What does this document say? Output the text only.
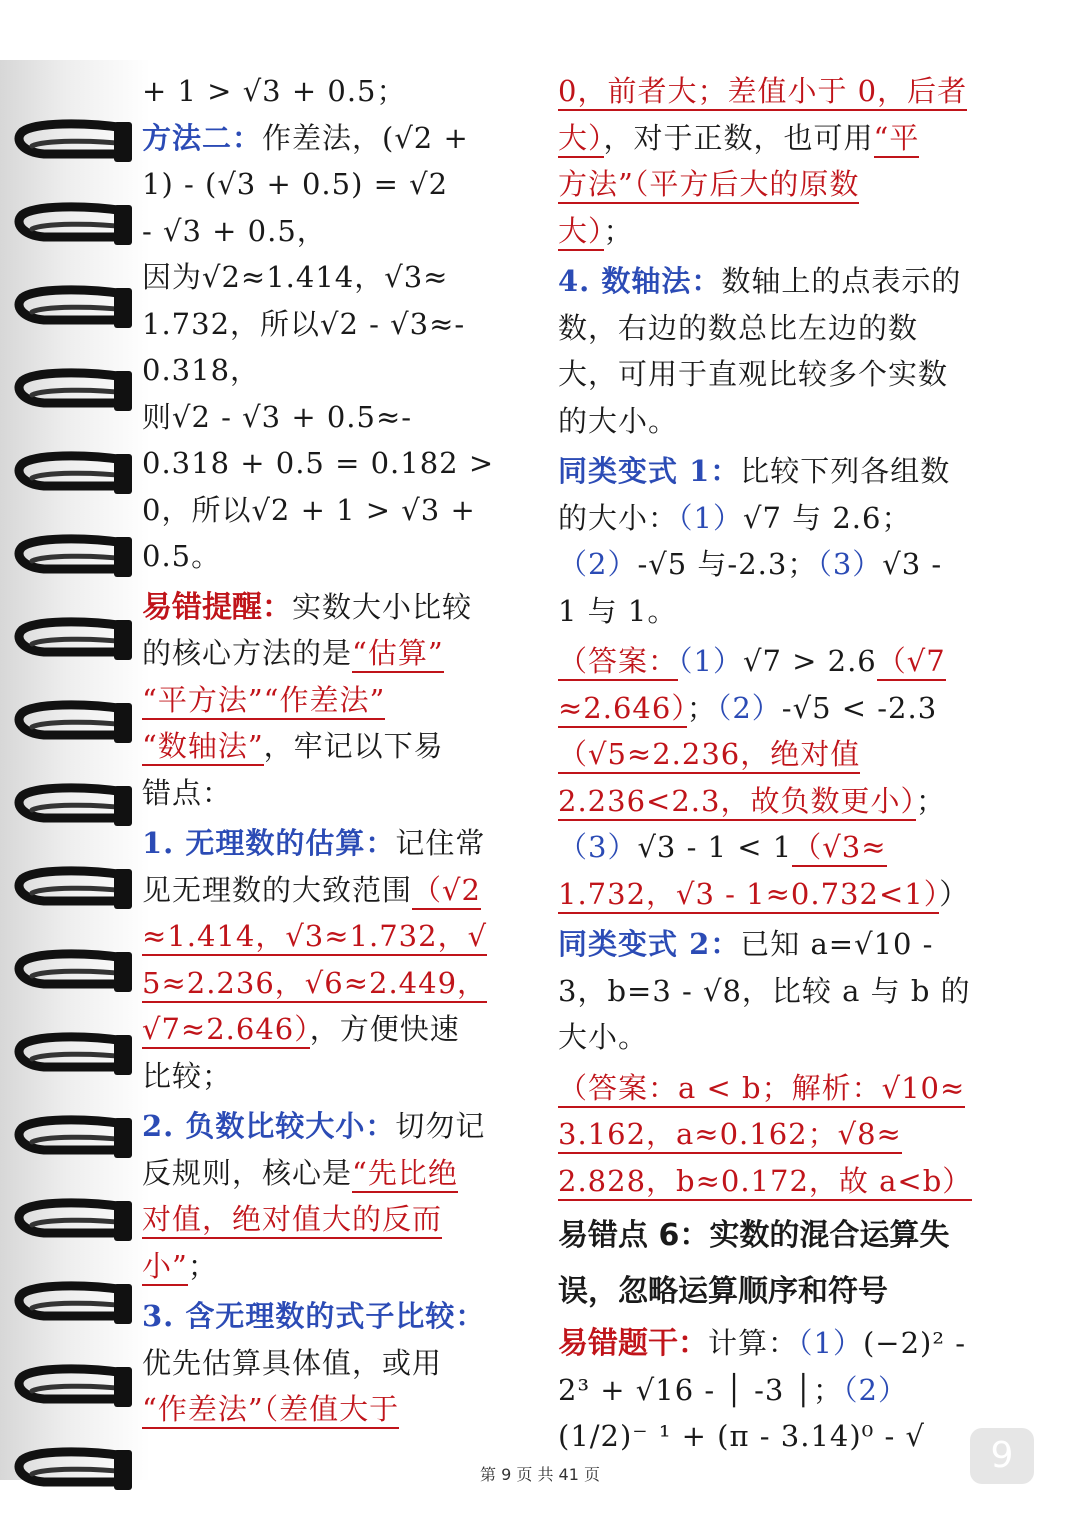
+ 1 > √3 + 0.5；
方法二：作差法，(√2 +
1) - (√3 + 0.5) = √2
- √3 + 0.5，
因为√2≈1.414，√3≈
1.732，所以√2 - √3≈-
0.318，
则√2 - √3 + 0.5≈-
0.318 + 0.5 = 0.182 >
0，所以√2 + 1 > √3 +
0.5。
易错提醒：实数大小比较
的核心方法的是“估算”
“平方法”“作差法”
“数轴法”，牢记以下易
错点：
1. 无理数的估算：记住常
见无理数的大致范围（√2
≈1.414，√3≈1.732，√
5≈2.236，√6≈2.449，
√7≈2.646），方便快速
比较；
2. 负数比较大小：切勿记
反规则，核心是“先比绝
对值，绝对值大的反而
小”；
3. 含无理数的式子比较：
优先估算具体值，或用
“作差法”（差值大于
0，前者大；差值小于 0，后者
大），对于正数，也可用“平
方法”（平方后大的原数
大）；
4. 数轴法：数轴上的点表示的
数，右边的数总比左边的数
大，可用于直观比较多个实数
的大小。
同类变式 1：比较下列各组数
的大小：（1）√7 与 2.6；
（2）-√5 与-2.3；（3）√3 -
1 与 1。
（答案：（1）√7 > 2.6（√7
≈2.646）；（2）-√5 < -2.3
（√5≈2.236，绝对值
2.236<2.3，故负数更小）；
（3）√3 - 1 < 1（√3≈
1.732，√3 - 1≈0.732<1））
同类变式 2：已知 a=√10 -
3，b=3 - √8，比较 a 与 b 的
大小。
（答案：a < b；解析：√10≈
3.162，a≈0.162；√8≈
2.828，b≈0.172，故 a<b）
易错点 6：实数的混合运算失
误，忽略运算顺序和符号
易错题干：计算：（1）(−2)² -
2³ + √16 - │ -3 │；（2）
(1/2)⁻ ¹ + (π - 3.14)⁰ - √
第 9 页 共 41 页	9
